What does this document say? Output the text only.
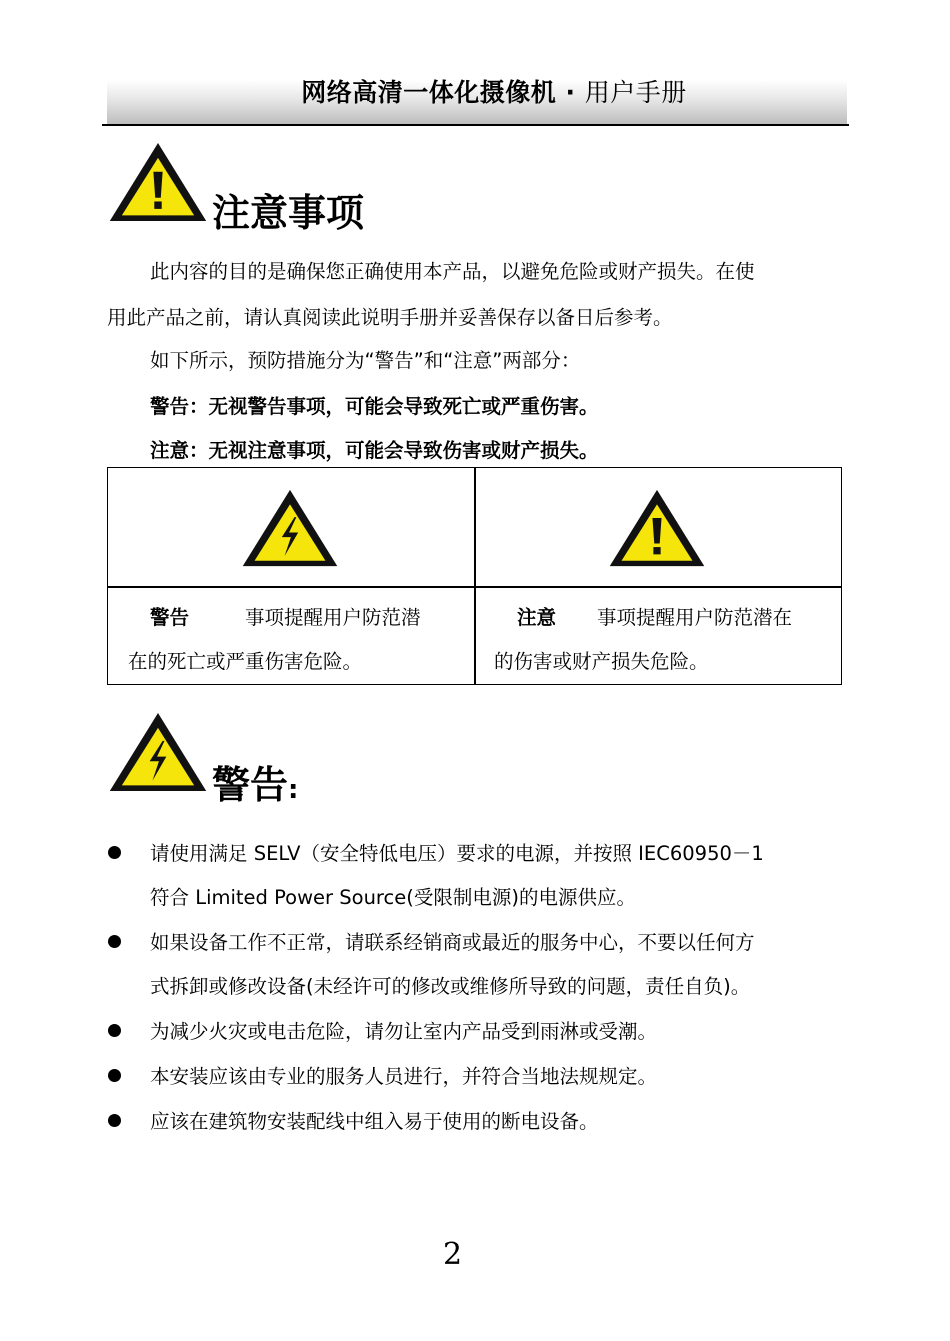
网络高清一体化摄像机 · 用户手册
注意事项
此内容的目的是确保您正确使用本产品，以避免危险或财产损失。在使
用此产品之前，请认真阅读此说明手册并妥善保存以备日后参考。
如下所示，预防措施分为“警告”和“注意”两部分：
警告：无视警告事项，可能会导致死亡或严重伤害。
注意：无视注意事项，可能会导致伤害或财产损失。
警告	事项提醒用户防范潜
在的死亡或严重伤害危险。
注意 事项提醒用户防范潜在
的伤害或财产损失危险。
警告:
请使用满足 SELV（安全特低电压）要求的电源，并按照 IEC60950－1
符合 Limited Power Source(受限制电源)的电源供应。
如果设备工作不正常，请联系经销商或最近的服务中心，不要以任何方
式拆卸或修改设备(未经许可的修改或维修所导致的问题，责任自负)。
为减少火灾或电击危险，请勿让室内产品受到雨淋或受潮。
本安装应该由专业的服务人员进行，并符合当地法规规定。
应该在建筑物安装配线中组入易于使用的断电设备。
2
